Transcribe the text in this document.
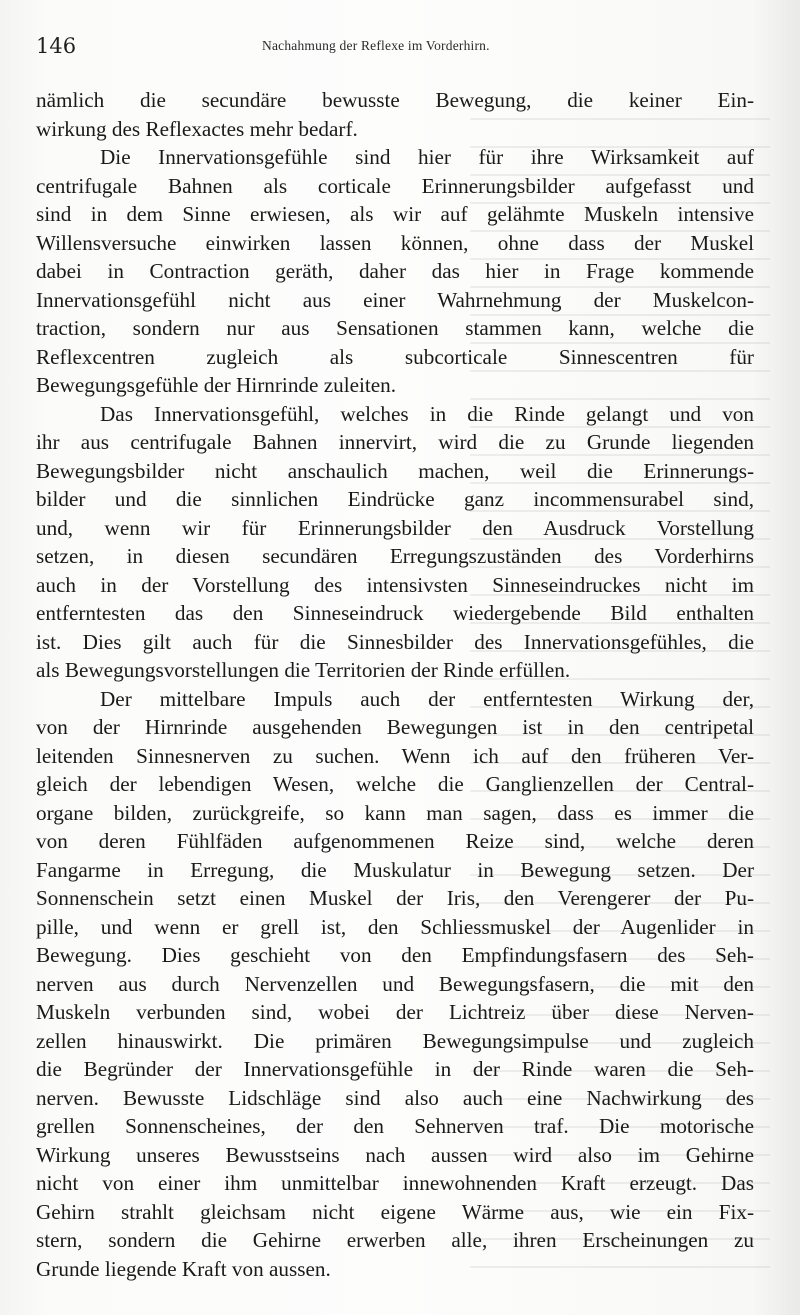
146	Nachahmung der Reflexe im Vorderhirn.
nämlich die secundäre bewusste Bewegung, die keiner Ein-
wirkung des Reflexactes mehr bedarf.
Die Innervationsgefühle sind hier für ihre Wirksamkeit auf
centrifugale Bahnen als corticale Erinnerungsbilder aufgefasst und
sind in dem Sinne erwiesen, als wir auf gelähmte Muskeln intensive
Willensversuche einwirken lassen können, ohne dass der Muskel
dabei in Contraction geräth, daher das hier in Frage kommende
Innervationsgefühl nicht aus einer Wahrnehmung der Muskelcon-
traction, sondern nur aus Sensationen stammen kann, welche die
Reflexcentren zugleich als subcorticale Sinnescentren für
Bewegungsgefühle der Hirnrinde zuleiten.
Das Innervationsgefühl, welches in die Rinde gelangt und von
ihr aus centrifugale Bahnen innervirt, wird die zu Grunde liegenden
Bewegungsbilder nicht anschaulich machen, weil die Erinnerungs-
bilder und die sinnlichen Eindrücke ganz incommensurabel sind,
und, wenn wir für Erinnerungsbilder den Ausdruck Vorstellung
setzen, in diesen secundären Erregungszuständen des Vorderhirns
auch in der Vorstellung des intensivsten Sinneseindruckes nicht im
entferntesten das den Sinneseindruck wiedergebende Bild enthalten
ist. Dies gilt auch für die Sinnesbilder des Innervationsgefühles, die
als Bewegungsvorstellungen die Territorien der Rinde erfüllen.
Der mittelbare Impuls auch der entferntesten Wirkung der,
von der Hirnrinde ausgehenden Bewegungen ist in den centripetal
leitenden Sinnesnerven zu suchen. Wenn ich auf den früheren Ver-
gleich der lebendigen Wesen, welche die Ganglienzellen der Central-
organe bilden, zurückgreife, so kann man sagen, dass es immer die
von deren Fühlfäden aufgenommenen Reize sind, welche deren
Fangarme in Erregung, die Muskulatur in Bewegung setzen. Der
Sonnenschein setzt einen Muskel der Iris, den Verengerer der Pu-
pille, und wenn er grell ist, den Schliessmuskel der Augenlider in
Bewegung. Dies geschieht von den Empfindungsfasern des Seh-
nerven aus durch Nervenzellen und Bewegungsfasern, die mit den
Muskeln verbunden sind, wobei der Lichtreiz über diese Nerven-
zellen hinauswirkt. Die primären Bewegungsimpulse und zugleich
die Begründer der Innervationsgefühle in der Rinde waren die Seh-
nerven. Bewusste Lidschläge sind also auch eine Nachwirkung des
grellen Sonnenscheines, der den Sehnerven traf. Die motorische
Wirkung unseres Bewusstseins nach aussen wird also im Gehirne
nicht von einer ihm unmittelbar innewohnenden Kraft erzeugt. Das
Gehirn strahlt gleichsam nicht eigene Wärme aus, wie ein Fix-
stern, sondern die Gehirne erwerben alle, ihren Erscheinungen zu
Grunde liegende Kraft von aussen.
